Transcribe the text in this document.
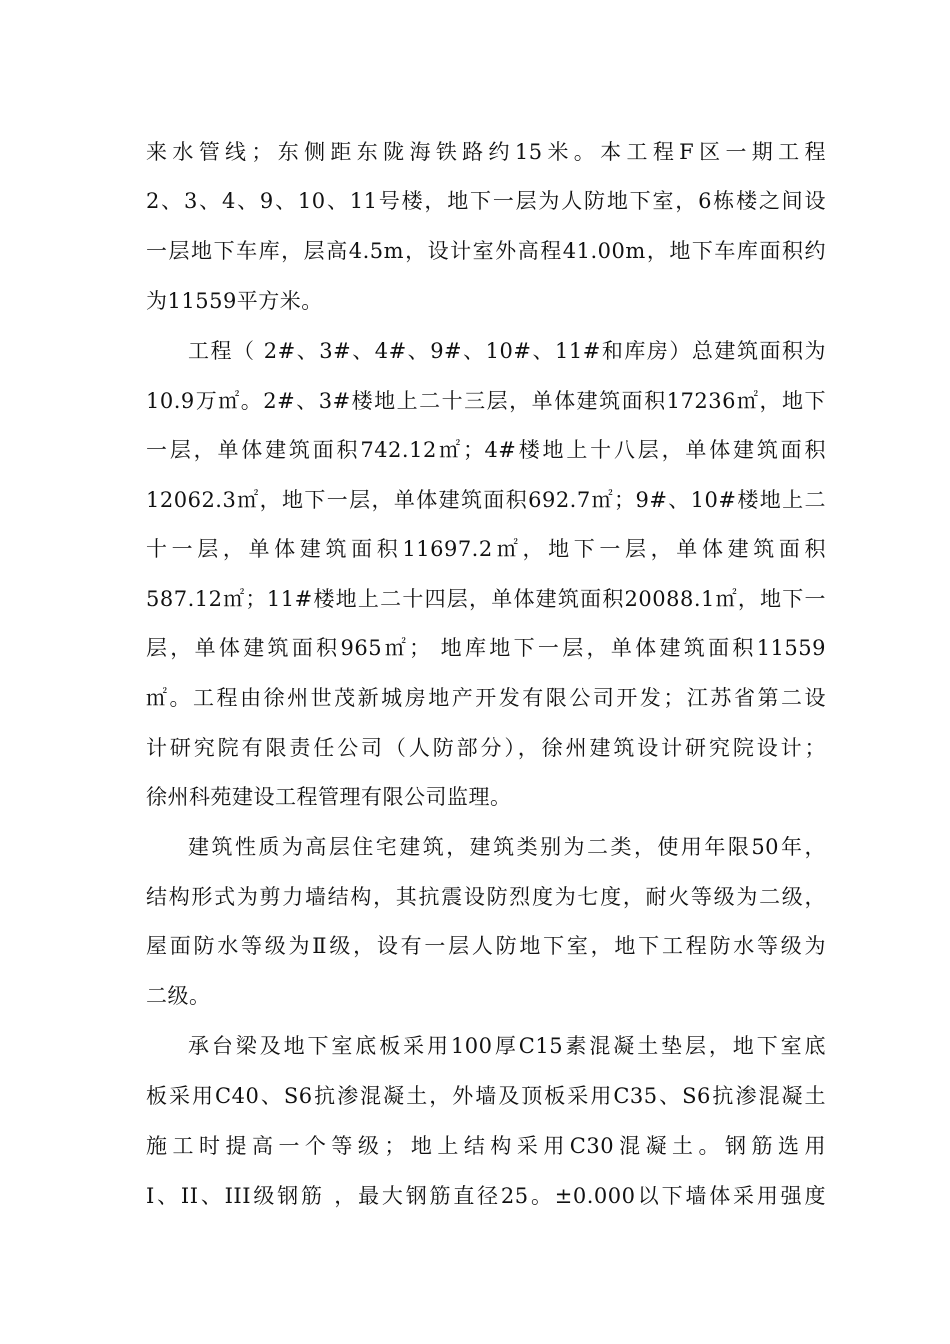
来水管线；东侧距东陇海铁路约15米。本工程F区一期工程
2、3、4、9、10、11号楼，地下一层为人防地下室，6栋楼之间设
一层地下车库，层高4.5m，设计室外高程41.00m，地下车库面积约
为11559平方米。
工程（ 2#、3#、4#、9#、10#、11#和库房）总建筑面积为
10.9万㎡。2#、3#楼地上二十三层，单体建筑面积17236㎡，地下
一层，单体建筑面积742.12㎡；4#楼地上十八层，单体建筑面积
12062.3㎡，地下一层，单体建筑面积692.7㎡；9#、10#楼地上二
十一层，单体建筑面积11697.2㎡，地下一层，单体建筑面积
587.12㎡；11#楼地上二十四层，单体建筑面积20088.1㎡，地下一
层，单体建筑面积965㎡； 地库地下一层，单体建筑面积11559
㎡。工程由徐州世茂新城房地产开发有限公司开发；江苏省第二设
计研究院有限责任公司（人防部分），徐州建筑设计研究院设计；
徐州科苑建设工程管理有限公司监理。
建筑性质为高层住宅建筑，建筑类别为二类，使用年限50年，
结构形式为剪力墙结构，其抗震设防烈度为七度，耐火等级为二级，
屋面防水等级为Ⅱ级，设有一层人防地下室，地下工程防水等级为
二级。
承台梁及地下室底板采用100厚C15素混凝土垫层，地下室底
板采用C40、S6抗渗混凝土，外墙及顶板采用C35、S6抗渗混凝土
施工时提高一个等级；地上结构采用C30混凝土。钢筋选用
I、II、III级钢筋 ，最大钢筋直径25。±0.000以下墙体采用强度
